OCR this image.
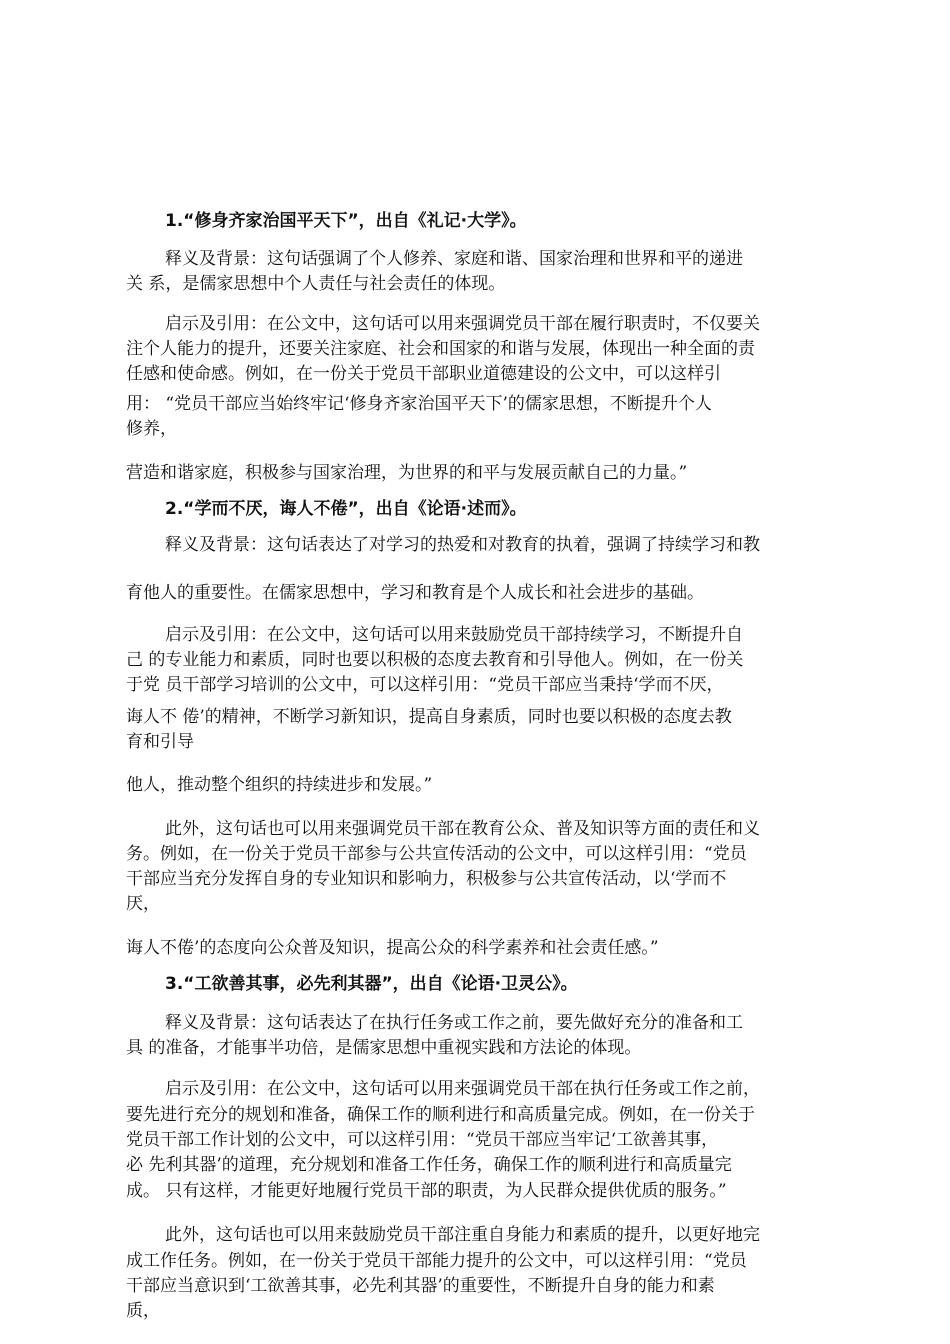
1.“修身齐家治国平天下”，出自《礼记·大学》。
释义及背景：这句话强调了个人修养、家庭和谐、国家治理和世界和平的递进
关 系，是儒家思想中个人责任与社会责任的体现。
启示及引用：在公文中，这句话可以用来强调党员干部在履行职责时，不仅要关
注个人能力的提升，还要关注家庭、社会和国家的和谐与发展，体现出一种全面的责
任感和使命感。例如，在一份关于党员干部职业道德建设的公文中，可以这样引
用： “党员干部应当始终牢记‘修身齐家治国平天下’的儒家思想，不断提升个人
修养，
营造和谐家庭，积极参与国家治理，为世界的和平与发展贡献自己的力量。”
2.“学而不厌，诲人不倦”，出自《论语·述而》。
释义及背景：这句话表达了对学习的热爱和对教育的执着，强调了持续学习和教
育他人的重要性。在儒家思想中，学习和教育是个人成长和社会进步的基础。
启示及引用：在公文中，这句话可以用来鼓励党员干部持续学习，不断提升自
己 的专业能力和素质，同时也要以积极的态度去教育和引导他人。例如，在一份关
于党 员干部学习培训的公文中，可以这样引用：“党员干部应当秉持‘学而不厌，
诲人不 倦’的精神，不断学习新知识，提高自身素质，同时也要以积极的态度去教
育和引导
他人，推动整个组织的持续进步和发展。”
此外，这句话也可以用来强调党员干部在教育公众、普及知识等方面的责任和义
务。例如，在一份关于党员干部参与公共宣传活动的公文中，可以这样引用：“党员
干部应当充分发挥自身的专业知识和影响力，积极参与公共宣传活动，以‘学而不
厌，
诲人不倦’的态度向公众普及知识，提高公众的科学素养和社会责任感。”
3.“工欲善其事，必先利其器”，出自《论语·卫灵公》。
释义及背景：这句话表达了在执行任务或工作之前，要先做好充分的准备和工
具 的准备，才能事半功倍，是儒家思想中重视实践和方法论的体现。
启示及引用：在公文中，这句话可以用来强调党员干部在执行任务或工作之前，
要先进行充分的规划和准备，确保工作的顺利进行和高质量完成。例如，在一份关于
党员干部工作计划的公文中，可以这样引用：“党员干部应当牢记‘工欲善其事，
必 先利其器’的道理，充分规划和准备工作任务，确保工作的顺利进行和高质量完
成。 只有这样，才能更好地履行党员干部的职责，为人民群众提供优质的服务。”
此外，这句话也可以用来鼓励党员干部注重自身能力和素质的提升，以更好地完
成工作任务。例如，在一份关于党员干部能力提升的公文中，可以这样引用：“党员
干部应当意识到‘工欲善其事，必先利其器’的重要性，不断提升自身的能力和素
质，
